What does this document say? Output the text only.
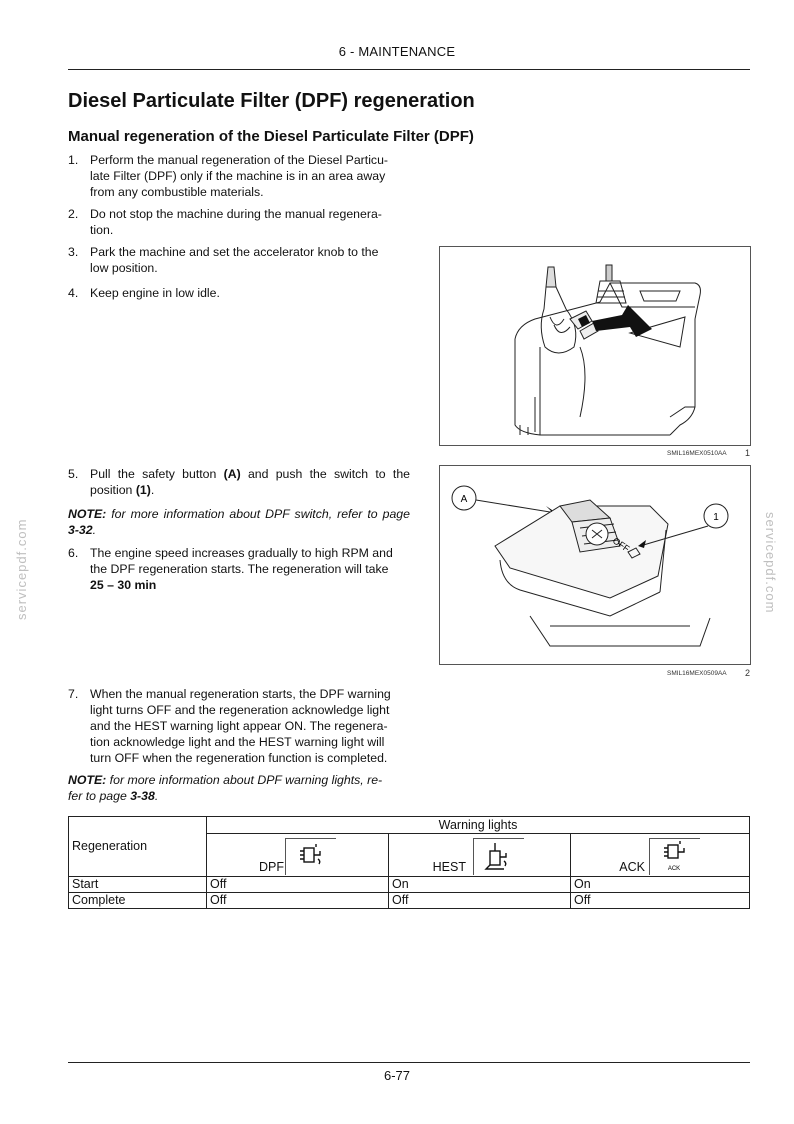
6 - MAINTENANCE
Diesel Particulate Filter (DPF) regeneration
Manual regeneration of the Diesel Particulate Filter (DPF)
1. Perform the manual regeneration of the Diesel Particu-
late Filter (DPF) only if the machine is in an area away
from any combustible materials.
2. Do not stop the machine during the manual regenera-
tion.
3. Park the machine and set the accelerator knob to the
low position.
4. Keep engine in low idle.
SMIL16MEX0510AA 1
5. Pull the safety button (A) and push the switch to the position (1).
NOTE: for more information about DPF switch, refer to page 3-32.
6. The engine speed increases gradually to high RPM and
the DPF regeneration starts. The regeneration will take
25 – 30 min
A
1
OFF
SMIL16MEX0509AA 2
7. When the manual regeneration starts, the DPF warning
light turns OFF and the regeneration acknowledge light
and the HEST warning light appear ON. The regenera-
tion acknowledge light and the HEST warning light will
turn OFF when the regeneration function is completed.
NOTE: for more information about DPF warning lights, re-
fer to page 3-38.
servicepdf.com	servicepdf.com
Regeneration	Warning lights		

	DPF	HEST	ACK ACK

Start	Off	On	On
Complete	Off	Off	Off
6-77
